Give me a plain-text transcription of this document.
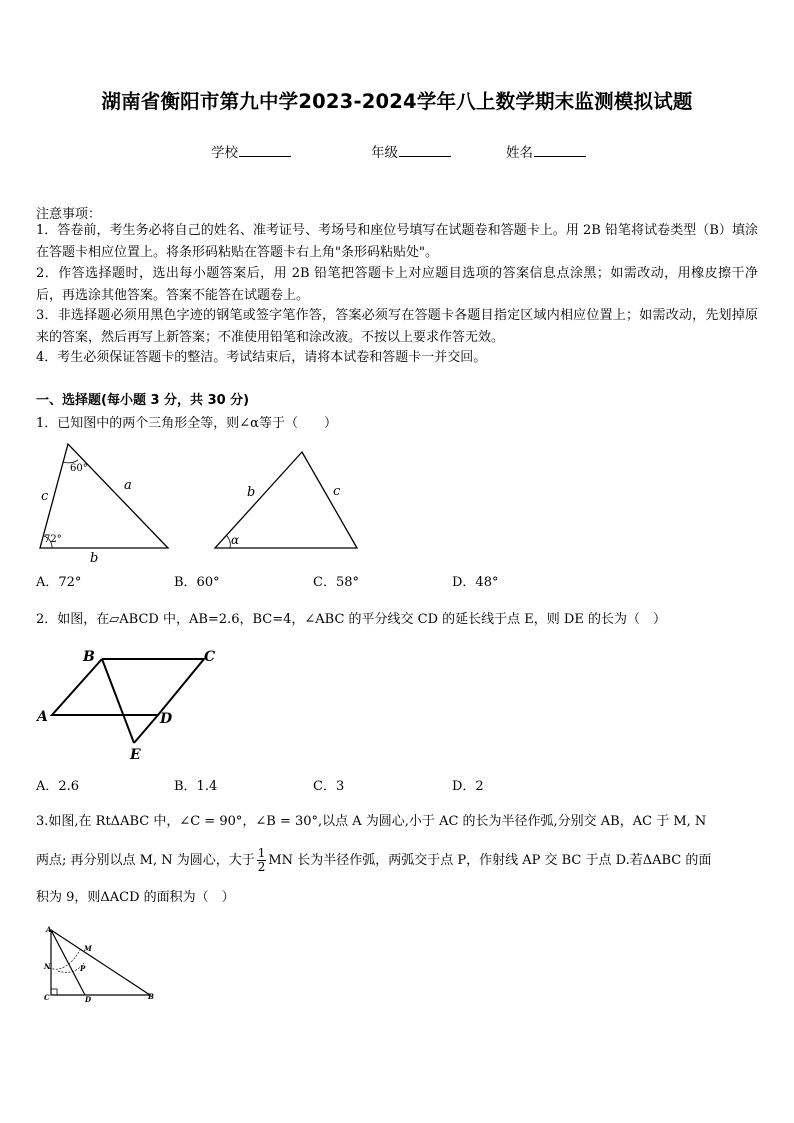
湖南省衡阳市第九中学2023-2024学年八上数学期末监测模拟试题
学校	年级	姓名
注意事项：
1．答卷前，考生务必将自己的姓名、准考证号、考场号和座位号填写在试题卷和答题卡上。用 2B 铅笔将试卷类型（B）填涂在答题卡相应位置上。将条形码粘贴在答题卡右上角"条形码粘贴处"。
2．作答选择题时，选出每小题答案后，用 2B 铅笔把答题卡上对应题目选项的答案信息点涂黑；如需改动，用橡皮擦干净后，再选涂其他答案。答案不能答在试题卷上。
3．非选择题必须用黑色字迹的钢笔或签字笔作答，答案必须写在答题卡各题目指定区域内相应位置上；如需改动，先划掉原来的答案，然后再写上新答案；不准使用铅笔和涂改液。不按以上要求作答无效。
4．考生必须保证答题卡的整洁。考试结束后，请将本试卷和答题卡一并交回。
一、选择题(每小题 3 分，共 30 分)
1．已知图中的两个三角形全等，则∠α等于（　　）
60°
72°
c
a
b
b	c
α
A．72°	B．60°	C．58°	D．48°
2．如图，在▱ABCD 中，AB=2.6，BC=4，∠ABC 的平分线交 CD 的延长线于点 E，则 DE 的长为（　）
B	C
A	D
E
A．2.6	B．1.4	C．3	D．2
3.如图,在 RtΔABC 中，∠C = 90°，∠B = 30°,以点 A 为圆心,小于 AC 的长为半径作弧,分别交 AB，AC 于 M, N
两点; 再分别以点 M, N 为圆心，大于 $\frac{1}{2}$ MN 长为半径作弧，两弧交于点 P，作射线 AP 交 BC 于点 D.若ΔABC 的面
积为 9，则ΔACD 的面积为（　）
A
M
N	P
C	D	B
